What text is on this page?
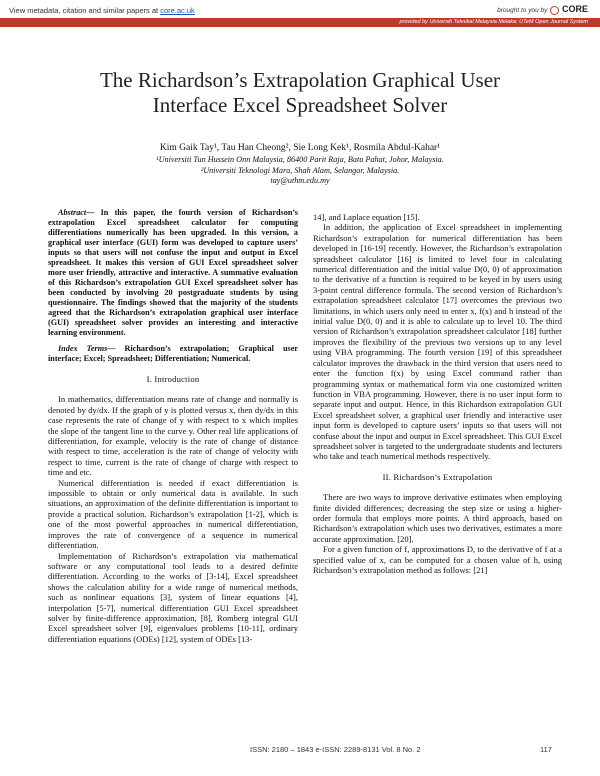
View metadata, citation and similar papers at core.ac.uk	brought to you by CORE
provided by Universiti Teknikal Malaysia Melaka: UTeM Open Journal System
The Richardson’s Extrapolation Graphical User
Interface Excel Spreadsheet Solver
Kim Gaik Tay¹, Tau Han Cheong², Sie Long Kek¹, Rosmila Abdul-Kahar¹
¹Universiti Tun Hussein Onn Malaysia, 86400 Parit Raja, Batu Pahat, Johor, Malaysia.
²Universiti Teknologi Mara, Shah Alam, Selangor, Malaysia.
tay@uthm.edu.my

Abstract— In this paper, the fourth version of Richardson’s extrapolation Excel spreadsheet calculator for computing differentiations numerically has been upgraded. In this version, a graphical user interface (GUI) form was developed to capture users’ inputs so that users will not confuse the input and output in Excel spreadsheet. It makes this version of GUI Excel spreadsheet solver more user friendly, attractive and interactive. A summative evaluation of this Richardson’s extrapolation GUI Excel spreadsheet solver has been conducted by involving 20 postgraduate students by using questionnaire. The findings showed that the majority of the students agreed that the Richardson’s extrapolation graphical user interface (GUI) spreadsheet solver provides an interesting and interactive learning environment.

Index Terms— Richardson’s extrapolation; Graphical user interface; Excel; Spreadsheet; Differentiation; Numerical.

I. Introduction

In mathematics, differentiation means rate of change and normally is denoted by dy/dx. If the graph of y is plotted versus x, then dy/dx in this case represents the rate of change of y with respect to x which implies the slope of the tangent line to the curve y. Other real life applications of differentiation, for example, velocity is the rate of change of distance with respect to time, acceleration is the rate of change of velocity with respect to time, current is the rate of change of charge with respect to time and etc.

Numerical differentiation is needed if exact differentiation is impossible to obtain or only numerical data is available. In such situations, an approximation of the definite differentiation is important to provide a practical solution. Richardson’s extrapolation [1-2], which is one of the most powerful approaches in numerical differentiation, improves the rate of convergence of a sequence in numerical differentiation.

Implementation of Richardson’s extrapolation via mathematical software or any computational tool leads to a desired definite differentiation. According to the works of [3-14], Excel spreadsheet shows the calculation ability for a wide range of numerical methods, such as nonlinear equations [3], system of linear equations [4], interpolation [5-7], numerical differentiation GUI Excel spreadsheet solver by finite-difference approximation, [8], Romberg integral GUI Excel spreadsheet solver [9], eigenvalues problems [10-11], ordinary differentiation equations (ODEs) [12], system of ODEs [13-

14], and Laplace equation [15].

In addition, the application of Excel spreadsheet in implementing Richardson’s extrapolation for numerical differentiation has been developed in [16-19] recently. However, the Richardson’s extrapolation spreadsheet calculator [16] is limited to level four in calculating numerical differentiation and the initial value D(0, 0) of approximation to the derivative of a function is required to be keyed in by users using 3-point central difference formula. The second version of Richardson’s extrapolation spreadsheet calculator [17] overcomes the previous two limitations, in which users only need to enter x, f(x) and h instead of the initial value D(0, 0) and it is able to calculate up to level 10. The third version of Richardson’s extrapolation spreadsheet calculator [18] further improves the flexibility of the previous two versions up to any level using VBA programming. The fourth version [19] of this spreadsheet calculator improves the drawback in the third version that users need to enter the function f(x) by using Excel command rather than programming syntax or mathematical form via one customized written function in VBA programming. However, there is no user input form to separate input and output. Hence, in this Richardson extrapolation GUI Excel spreadsheet solver, a graphical user friendly and interactive user input form is developed to capture users’ inputs so that users will not confuse about the input and output in Excel spreadsheet. This GUI Excel spreadsheet solver is targeted to the undergraduate students and lecturers who take and teach numerical methods respectively.

II. Richardson’s Extrapolation

There are two ways to improve derivative estimates when employing finite divided differences; decreasing the step size or using a higher-order formula that employs more points. A third approach, based on Richardson’s extrapolation which uses two derivatives, estimates a more accurate approximation. [20].

For a given function of f, approximations D, to the derivative of f at a specified value of x, can be computed for a chosen value of h, using Richardson’s extrapolation method as follows: [21]

ISSN: 2180 – 1843 e-ISSN: 2289-8131 Vol. 8 No. 2	117
